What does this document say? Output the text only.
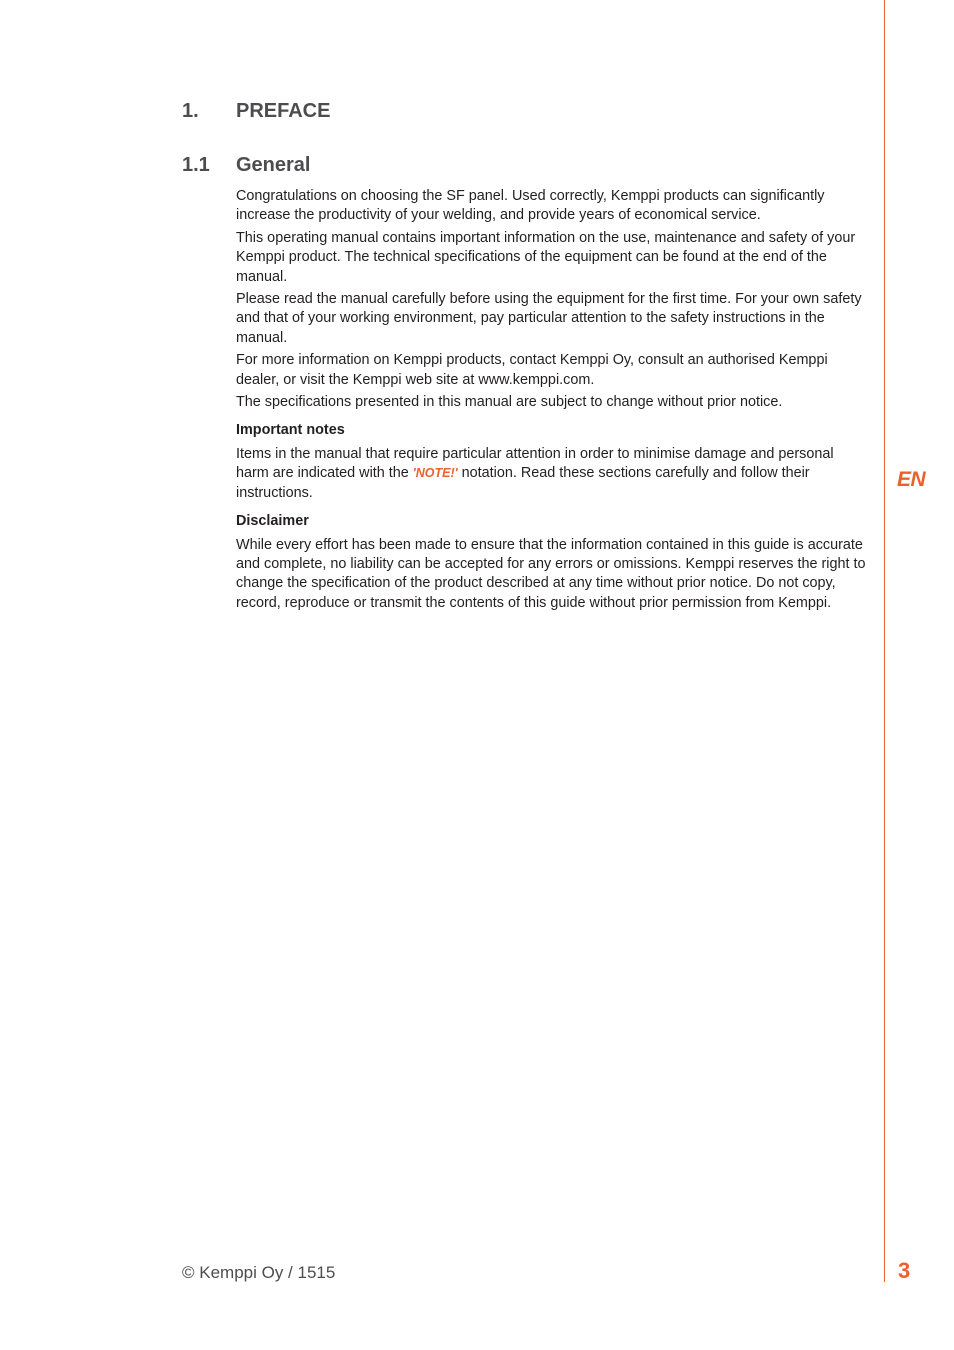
EN
1.	PREFACE
1.1	General

Congratulations on choosing the SF panel. Used correctly, Kemppi products can significantly increase the productivity of your welding, and provide years of economical service.

This operating manual contains important information on the use, maintenance and safety of your Kemppi product. The technical specifications of the equipment can be found at the end of the manual.

Please read the manual carefully before using the equipment for the first time. For your own safety and that of your working environment, pay particular attention to the safety instructions in the manual.

For more information on Kemppi products, contact Kemppi Oy, consult an authorised Kemppi dealer, or visit the Kemppi web site at www.kemppi.com.

The specifications presented in this manual are subject to change without prior notice.

Important notes

Items in the manual that require particular attention in order to minimise damage and personal harm are indicated with the 'NOTE!' notation. Read these sections carefully and follow their instructions.

Disclaimer

While every effort has been made to ensure that the information contained in this guide is accurate and complete, no liability can be accepted for any errors or omissions. Kemppi reserves the right to change the specification of the product described at any time without prior notice. Do not copy, record, reproduce or transmit the contents of this guide without prior permission from Kemppi.

© Kemppi Oy / 1515	3
